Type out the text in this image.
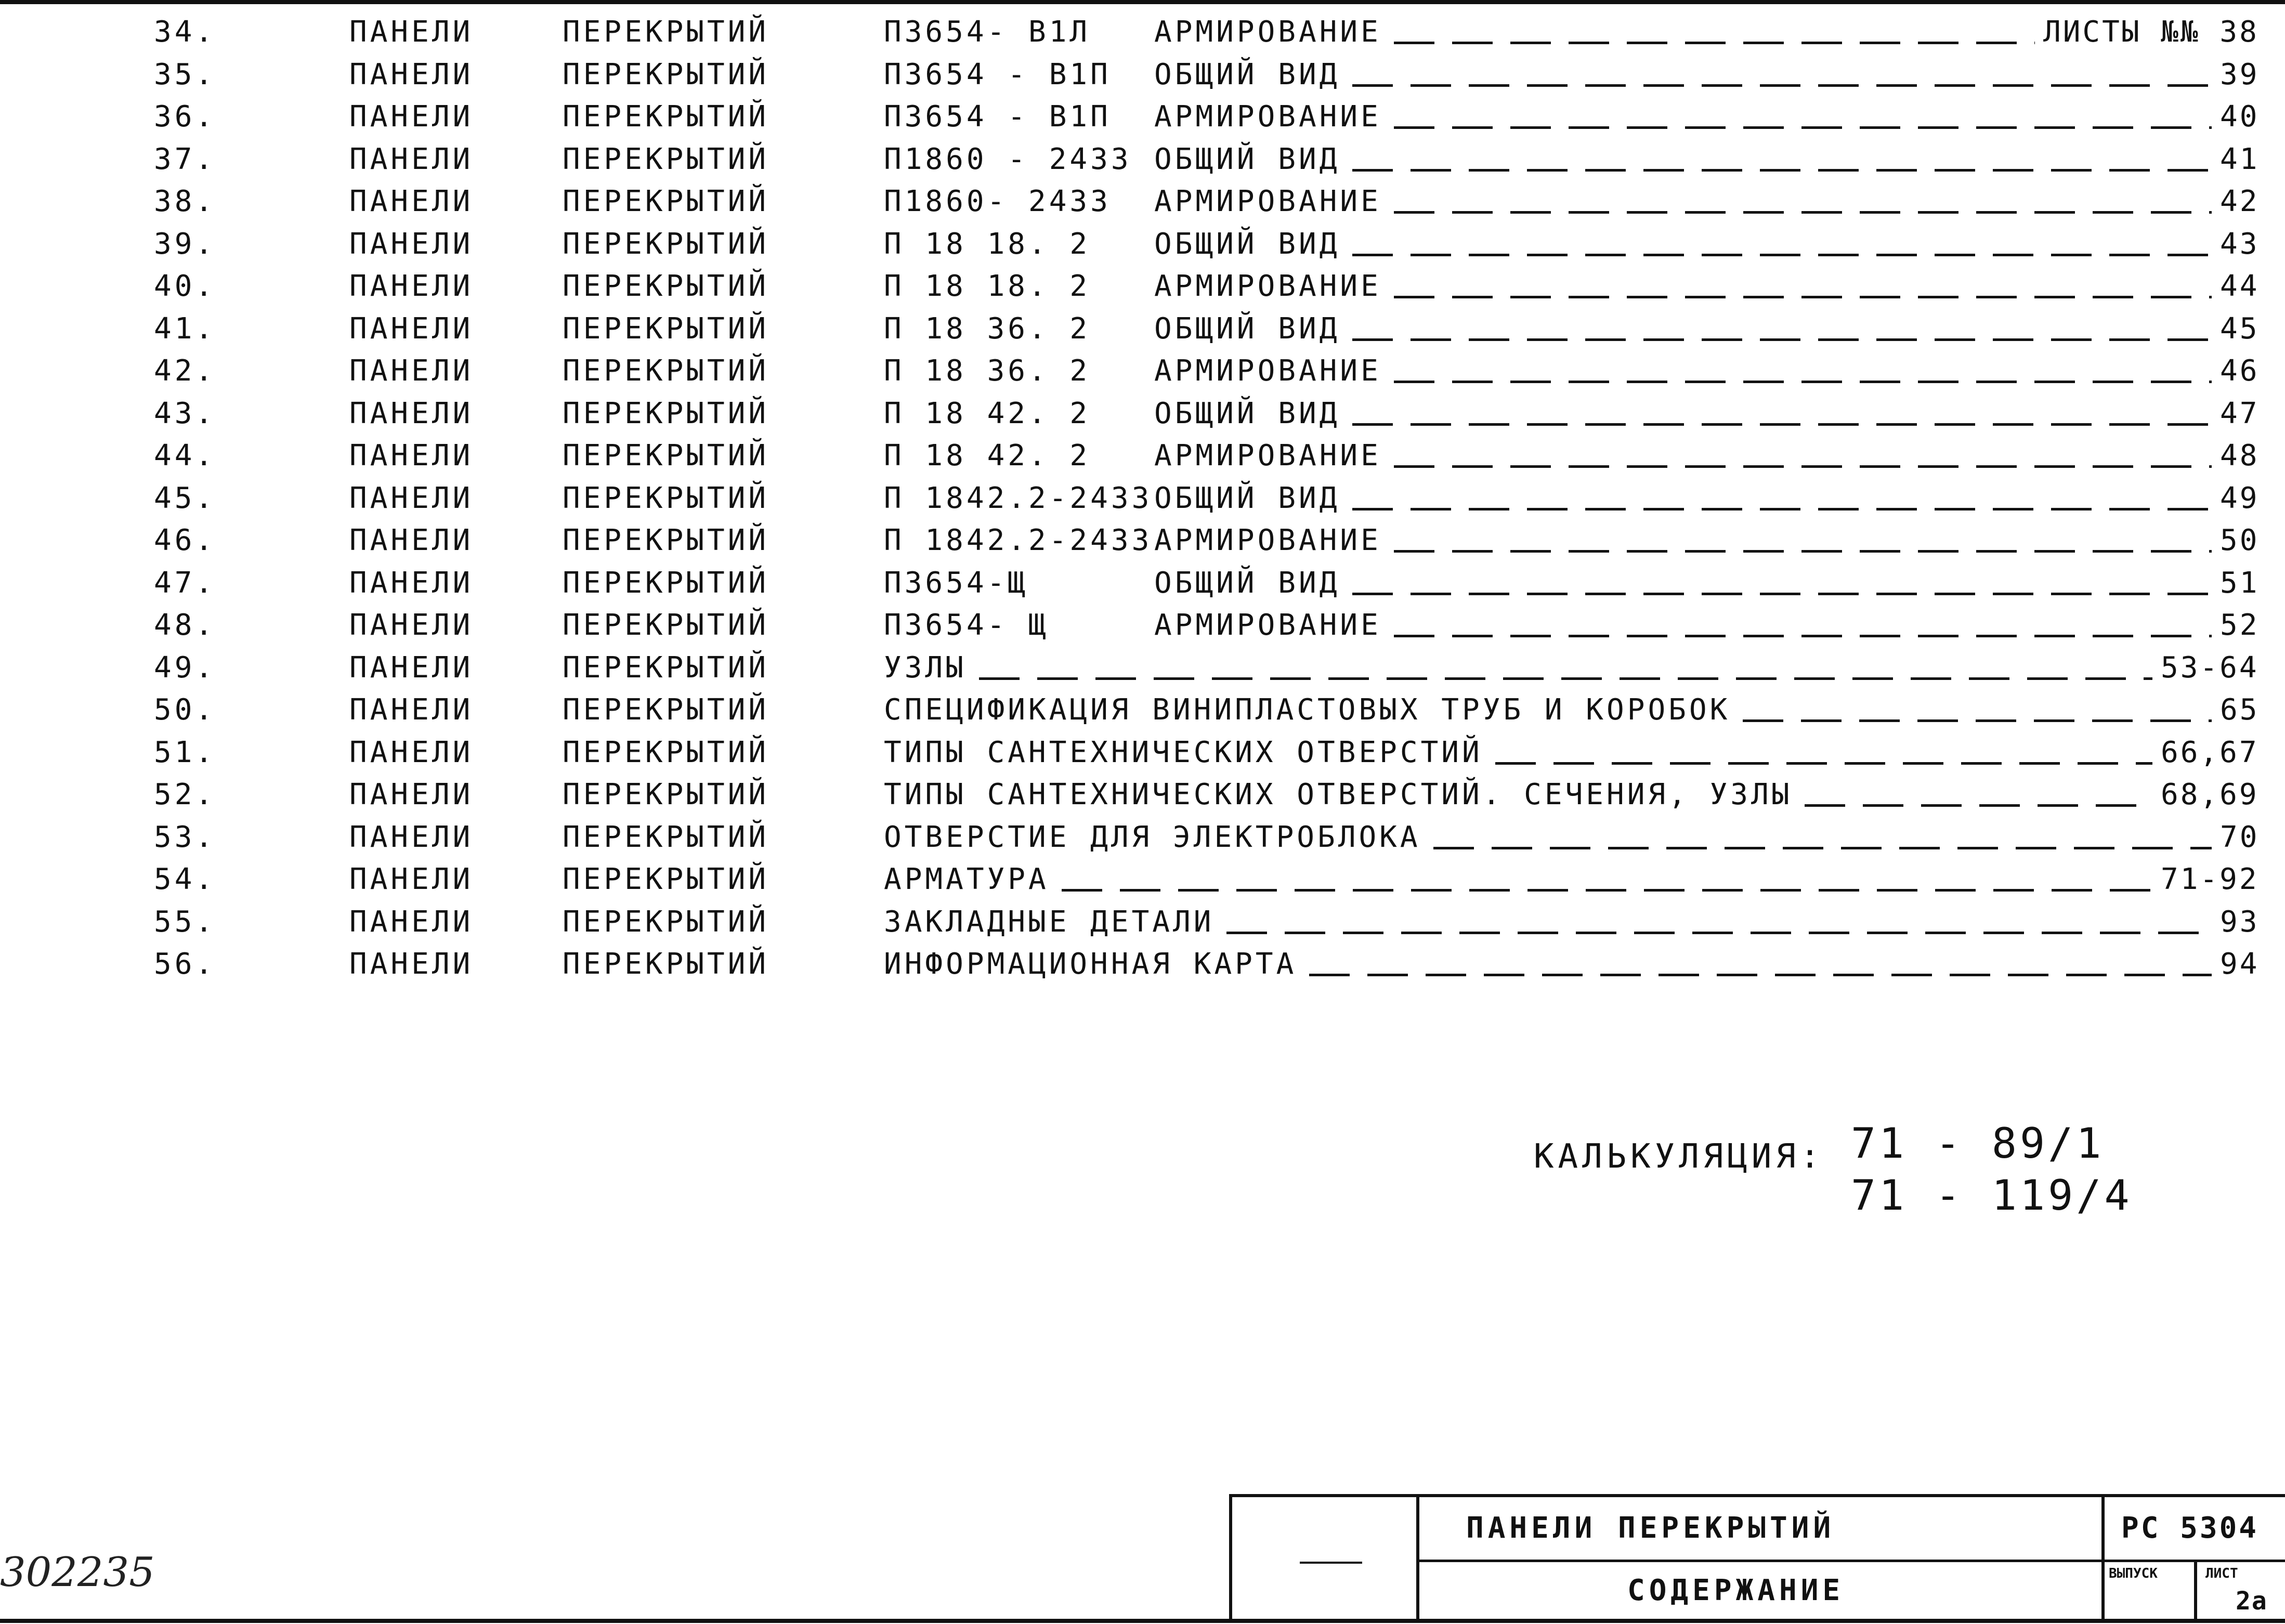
34.	ПАНЕЛИ	ПЕРЕКРЫТИЙ	П3654- В1Л АРМИРОВАНИЕ	ЛИСТЫ №№ 38
35.	ПАНЕЛИ	ПЕРЕКРЫТИЙ	П3654 - В1П ОБЩИЙ ВИД	39
36.	ПАНЕЛИ	ПЕРЕКРЫТИЙ	П3654 - В1П АРМИРОВАНИЕ	40
37.	ПАНЕЛИ	ПЕРЕКРЫТИЙ	П1860 - 2433 ОБЩИЙ ВИД	41
38.	ПАНЕЛИ	ПЕРЕКРЫТИЙ	П1860- 2433 АРМИРОВАНИЕ	42
39.	ПАНЕЛИ	ПЕРЕКРЫТИЙ	П 18 18. 2 ОБЩИЙ ВИД	43
40.	ПАНЕЛИ	ПЕРЕКРЫТИЙ	П 18 18. 2 АРМИРОВАНИЕ	44
41.	ПАНЕЛИ	ПЕРЕКРЫТИЙ	П 18 36. 2 ОБЩИЙ ВИД	45
42.	ПАНЕЛИ	ПЕРЕКРЫТИЙ	П 18 36. 2 АРМИРОВАНИЕ	46
43.	ПАНЕЛИ	ПЕРЕКРЫТИЙ	П 18 42. 2 ОБЩИЙ ВИД	47
44.	ПАНЕЛИ	ПЕРЕКРЫТИЙ	П 18 42. 2 АРМИРОВАНИЕ	48
45.	ПАНЕЛИ	ПЕРЕКРЫТИЙ	П 1842.2-2433 ОБЩИЙ ВИД	49
46.	ПАНЕЛИ	ПЕРЕКРЫТИЙ	П 1842.2-2433 АРМИРОВАНИЕ	50
47.	ПАНЕЛИ	ПЕРЕКРЫТИЙ	П3654-Щ	ОБЩИЙ ВИД	51
48.	ПАНЕЛИ	ПЕРЕКРЫТИЙ	П3654- Щ	АРМИРОВАНИЕ	52
49.	ПАНЕЛИ	ПЕРЕКРЫТИЙ	УЗЛЫ	53-64
50.	ПАНЕЛИ	ПЕРЕКРЫТИЙ	СПЕЦИФИКАЦИЯ ВИНИПЛАСТОВЫХ ТРУБ И КОРОБОК	65
51.	ПАНЕЛИ	ПЕРЕКРЫТИЙ	ТИПЫ САНТЕХНИЧЕСКИХ ОТВЕРСТИЙ	66,67
52.	ПАНЕЛИ	ПЕРЕКРЫТИЙ	ТИПЫ САНТЕХНИЧЕСКИХ ОТВЕРСТИЙ. СЕЧЕНИЯ, УЗЛЫ	68,69
53.	ПАНЕЛИ	ПЕРЕКРЫТИЙ	ОТВЕРСТИЕ ДЛЯ ЭЛЕКТРОБЛОКА	70
54.	ПАНЕЛИ	ПЕРЕКРЫТИЙ	АРМАТУРА	71-92
55.	ПАНЕЛИ	ПЕРЕКРЫТИЙ	ЗАКЛАДНЫЕ ДЕТАЛИ	93
56.	ПАНЕЛИ	ПЕРЕКРЫТИЙ	ИНФОРМАЦИОННАЯ КАРТА	94
КАЛЬКУЛЯЦИЯ: 71 - 89/1
71 - 119/4
302235
ПАНЕЛИ ПЕРЕКРЫТИЙ
СОДЕРЖАНИЕ
РС 5304
ВЫПУСК	ЛИСТ
2а
